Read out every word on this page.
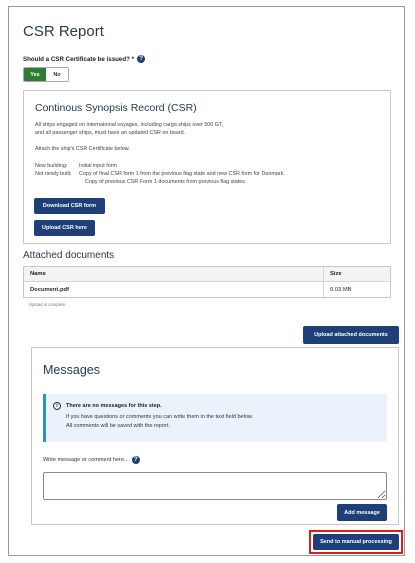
CSR Report
Should a CSR Certificate be issued? * ?
Yes	No
Continous Synopsis Record (CSR)
All ships engaged on international voyages, including cargo ships over 500 GT,
and all passenger ships, must have an updated CSR on board.
Attach the ship's CSR Certificate below.
New building: Initial input form
Not newly built: Copy of final CSR form 1 from the previous flag state and new CSR form for Denmark.
Copy of previous CSR Form 1 documents from previous flag states.
Download CSR form
Upload CSR here
Attached documents
Name	Size
Document.pdf	0.03 MB
Upload is complete
Upload attached documents
Messages
i	There are no messages for this step.
If you have questions or comments you can write them in the text field below.
All comments will be saved with the report.
Write message or comment here... ?
Add message
Send to manual processing
